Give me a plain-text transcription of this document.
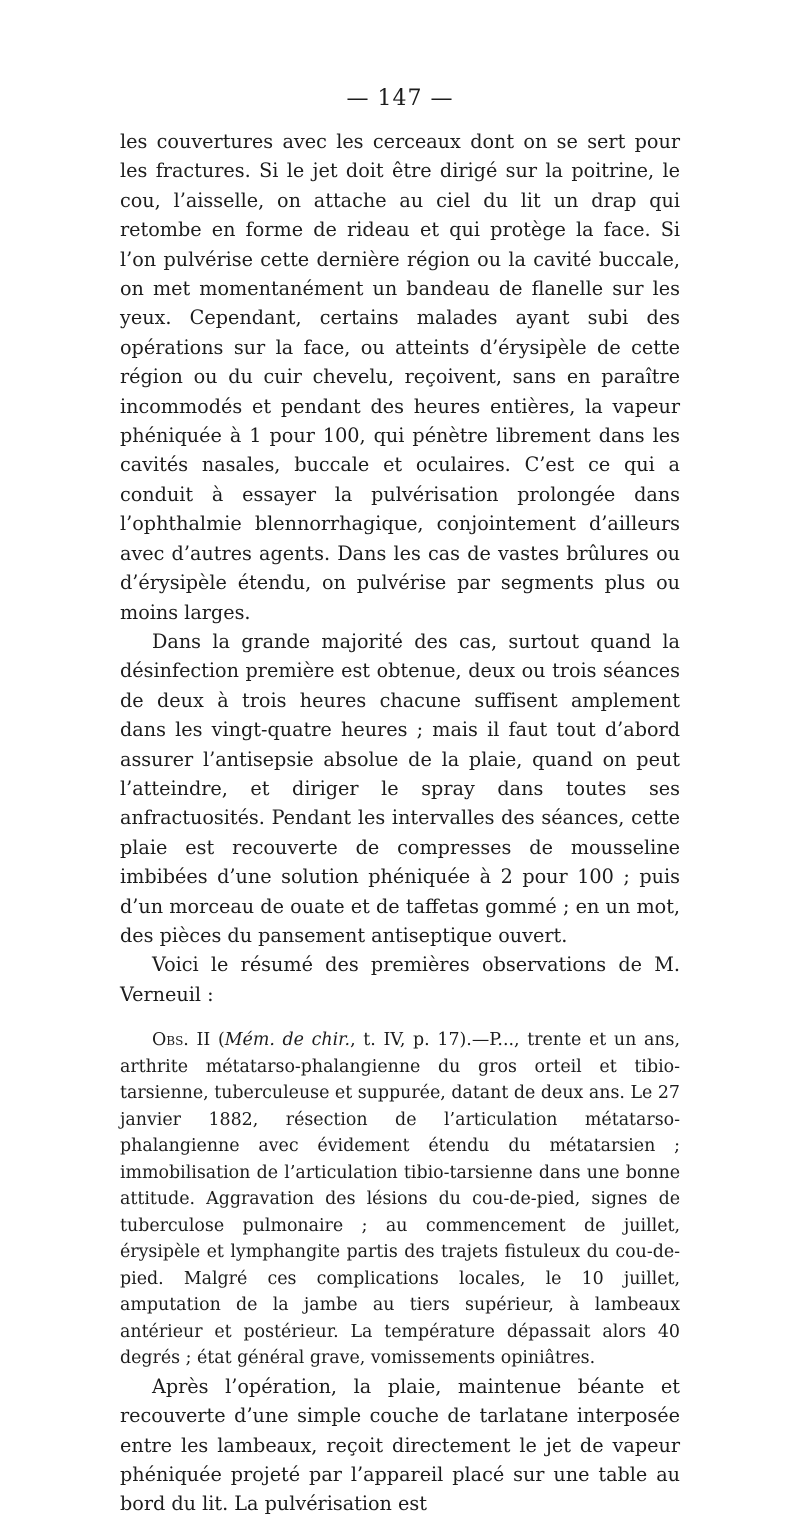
— 147 —

les couvertures avec les cerceaux dont on se sert pour les fractures. Si le jet doit être dirigé sur la poitrine, le cou, l’aisselle, on attache au ciel du lit un drap qui retombe en forme de rideau et qui protège la face. Si l’on pulvérise cette dernière région ou la cavité buccale, on met momentanément un bandeau de flanelle sur les yeux. Cependant, certains malades ayant subi des opérations sur la face, ou atteints d’érysipèle de cette région ou du cuir chevelu, reçoivent, sans en paraître incommodés et pendant des heures entières, la vapeur phéniquée à 1 pour 100, qui pénètre librement dans les cavités nasales, buccale et oculaires. C’est ce qui a conduit à essayer la pulvérisation prolongée dans l’ophthalmie blennorrhagique, conjointement d’ailleurs avec d’autres agents. Dans les cas de vastes brûlures ou d’érysipèle étendu, on pulvérise par segments plus ou moins larges.

Dans la grande majorité des cas, surtout quand la désinfection première est obtenue, deux ou trois séances de deux à trois heures chacune suffisent amplement dans les vingt-quatre heures ; mais il faut tout d’abord assurer l’antisepsie absolue de la plaie, quand on peut l’atteindre, et diriger le spray dans toutes ses anfractuosités. Pendant les intervalles des séances, cette plaie est recouverte de compresses de mousseline imbibées d’une solution phéniquée à 2 pour 100 ; puis d’un morceau de ouate et de taffetas gommé ; en un mot, des pièces du pansement antiseptique ouvert.

Voici le résumé des premières observations de M. Verneuil :

Obs. II (Mém. de chir., t. IV, p. 17).—P..., trente et un ans, arthrite métatarso-phalangienne du gros orteil et tibio-tarsienne, tuberculeuse et suppurée, datant de deux ans. Le 27 janvier 1882, résection de l’articulation métatarso-phalangienne avec évidement étendu du métatarsien ; immobilisation de l’articulation tibio-tarsienne dans une bonne attitude. Aggravation des lésions du cou-de-pied, signes de tuberculose pulmonaire ; au commencement de juillet, érysipèle et lymphangite partis des trajets fistuleux du cou-de-pied. Malgré ces complications locales, le 10 juillet, amputation de la jambe au tiers supérieur, à lambeaux antérieur et postérieur. La température dépassait alors 40 degrés ; état général grave, vomissements opiniâtres.

Après l’opération, la plaie, maintenue béante et recouverte d’une simple couche de tarlatane interposée entre les lambeaux, reçoit directement le jet de vapeur phéniquée projeté par l’appareil placé sur une table au bord du lit. La pulvérisation est
